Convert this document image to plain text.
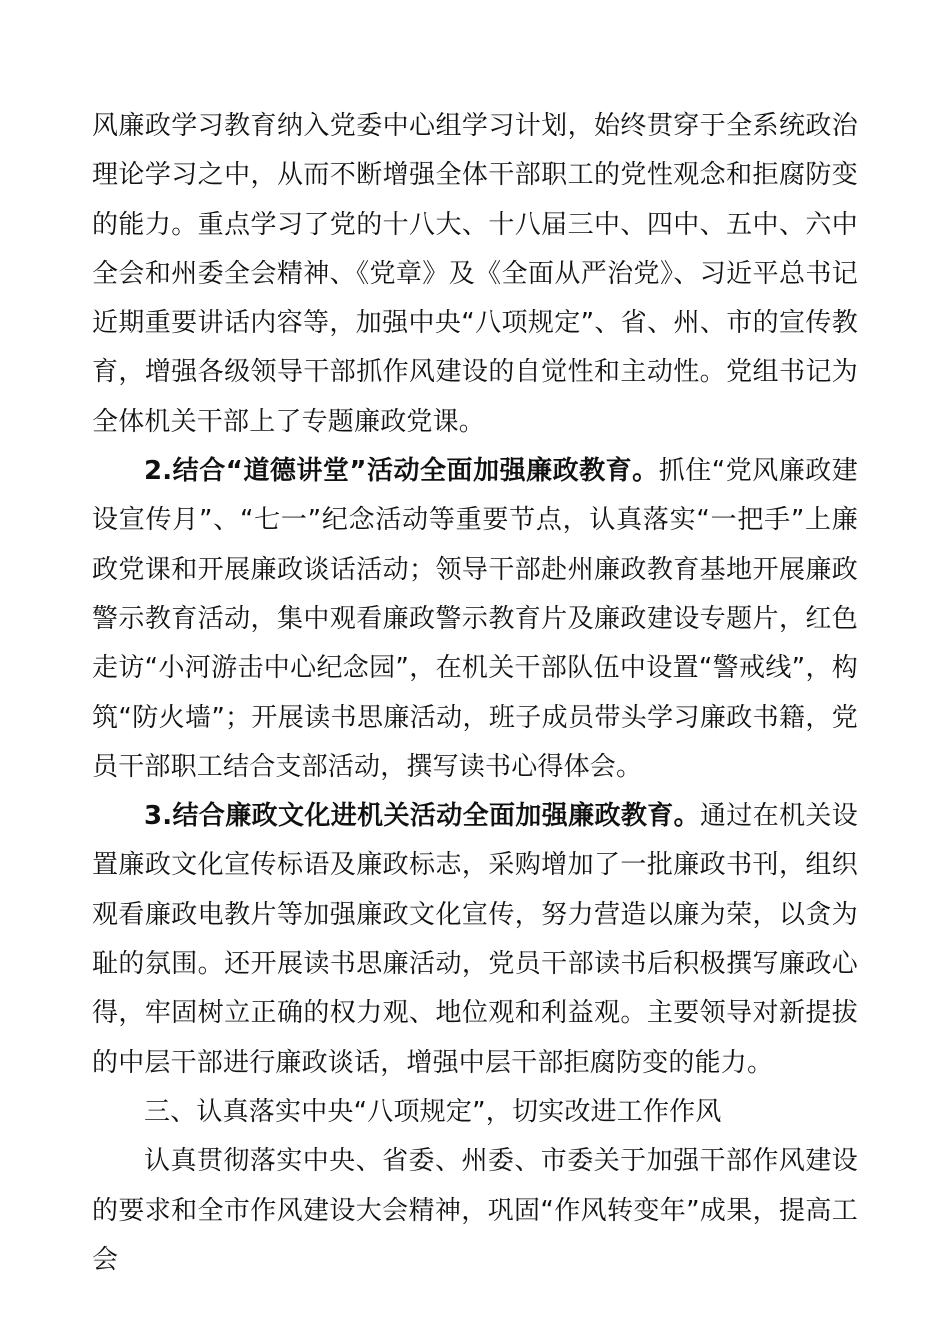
风廉政学习教育纳入党委中心组学习计划，始终贯穿于全系统政治理论学习之中，从而不断增强全体干部职工的党性观念和拒腐防变的能力。重点学习了党的十八大、十八届三中、四中、五中、六中全会和州委全会精神、《党章》及《全面从严治党》、习近平总书记近期重要讲话内容等，加强中央“八项规定”、省、州、市的宣传教育，增强各级领导干部抓作风建设的自觉性和主动性。党组书记为全体机关干部上了专题廉政党课。

2.结合“道德讲堂”活动全面加强廉政教育。抓住“党风廉政建设宣传月”、“七一”纪念活动等重要节点，认真落实“一把手”上廉政党课和开展廉政谈话活动；领导干部赴州廉政教育基地开展廉政警示教育活动，集中观看廉政警示教育片及廉政建设专题片，红色走访“小河游击中心纪念园”，在机关干部队伍中设置“警戒线”，构筑“防火墙”；开展读书思廉活动，班子成员带头学习廉政书籍，党员干部职工结合支部活动，撰写读书心得体会。

3.结合廉政文化进机关活动全面加强廉政教育。通过在机关设置廉政文化宣传标语及廉政标志，采购增加了一批廉政书刊，组织观看廉政电教片等加强廉政文化宣传，努力营造以廉为荣，以贪为耻的氛围。还开展读书思廉活动，党员干部读书后积极撰写廉政心得，牢固树立正确的权力观、地位观和利益观。主要领导对新提拔的中层干部进行廉政谈话，增强中层干部拒腐防变的能力。

三、认真落实中央“八项规定”，切实改进工作作风

认真贯彻落实中央、省委、州委、市委关于加强干部作风建设的要求和全市作风建设大会精神，巩固“作风转变年”成果，提高工会
